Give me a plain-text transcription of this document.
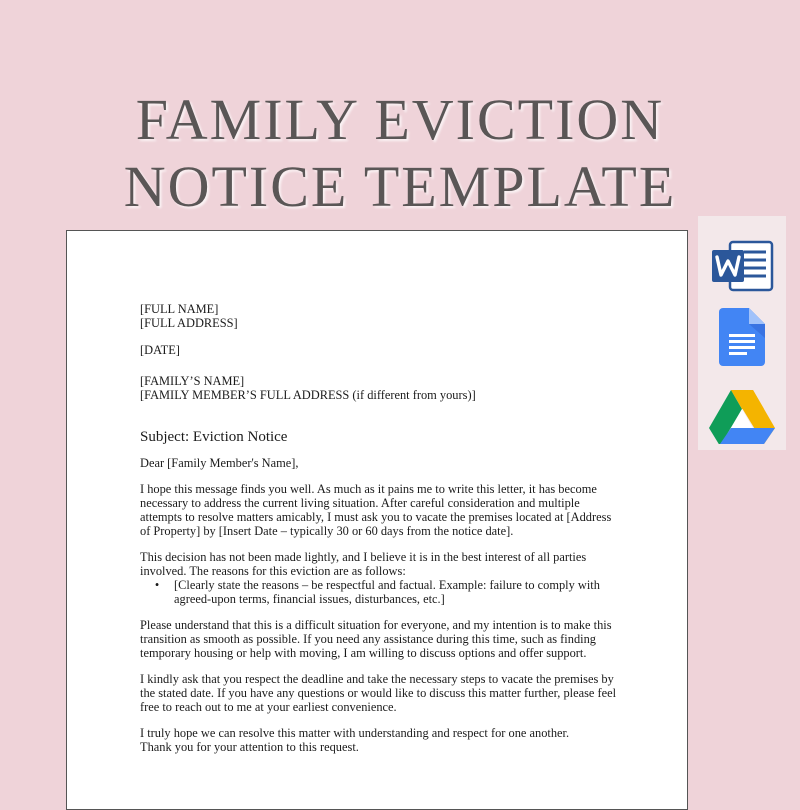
FAMILY EVICTION
NOTICE TEMPLATE

[FULL NAME]

[FULL ADDRESS]

[DATE]

[FAMILY’S NAME]

[FAMILY MEMBER’S FULL ADDRESS (if different from yours)]

Subject: Eviction Notice

Dear [Family Member's Name],

I hope this message finds you well. As much as it pains me to write this letter, it has become

necessary to address the current living situation. After careful consideration and multiple

attempts to resolve matters amicably, I must ask you to vacate the premises located at [Address

of Property] by [Insert Date – typically 30 or 60 days from the notice date].

This decision has not been made lightly, and I believe it is in the best interest of all parties

involved. The reasons for this eviction are as follows:

•	[Clearly state the reasons – be respectful and factual. Example: failure to comply with
agreed-upon terms, financial issues, disturbances, etc.]

Please understand that this is a difficult situation for everyone, and my intention is to make this

transition as smooth as possible. If you need any assistance during this time, such as finding

temporary housing or help with moving, I am willing to discuss options and offer support.

I kindly ask that you respect the deadline and take the necessary steps to vacate the premises by

the stated date. If you have any questions or would like to discuss this matter further, please feel

free to reach out to me at your earliest convenience.

I truly hope we can resolve this matter with understanding and respect for one another.

Thank you for your attention to this request.
